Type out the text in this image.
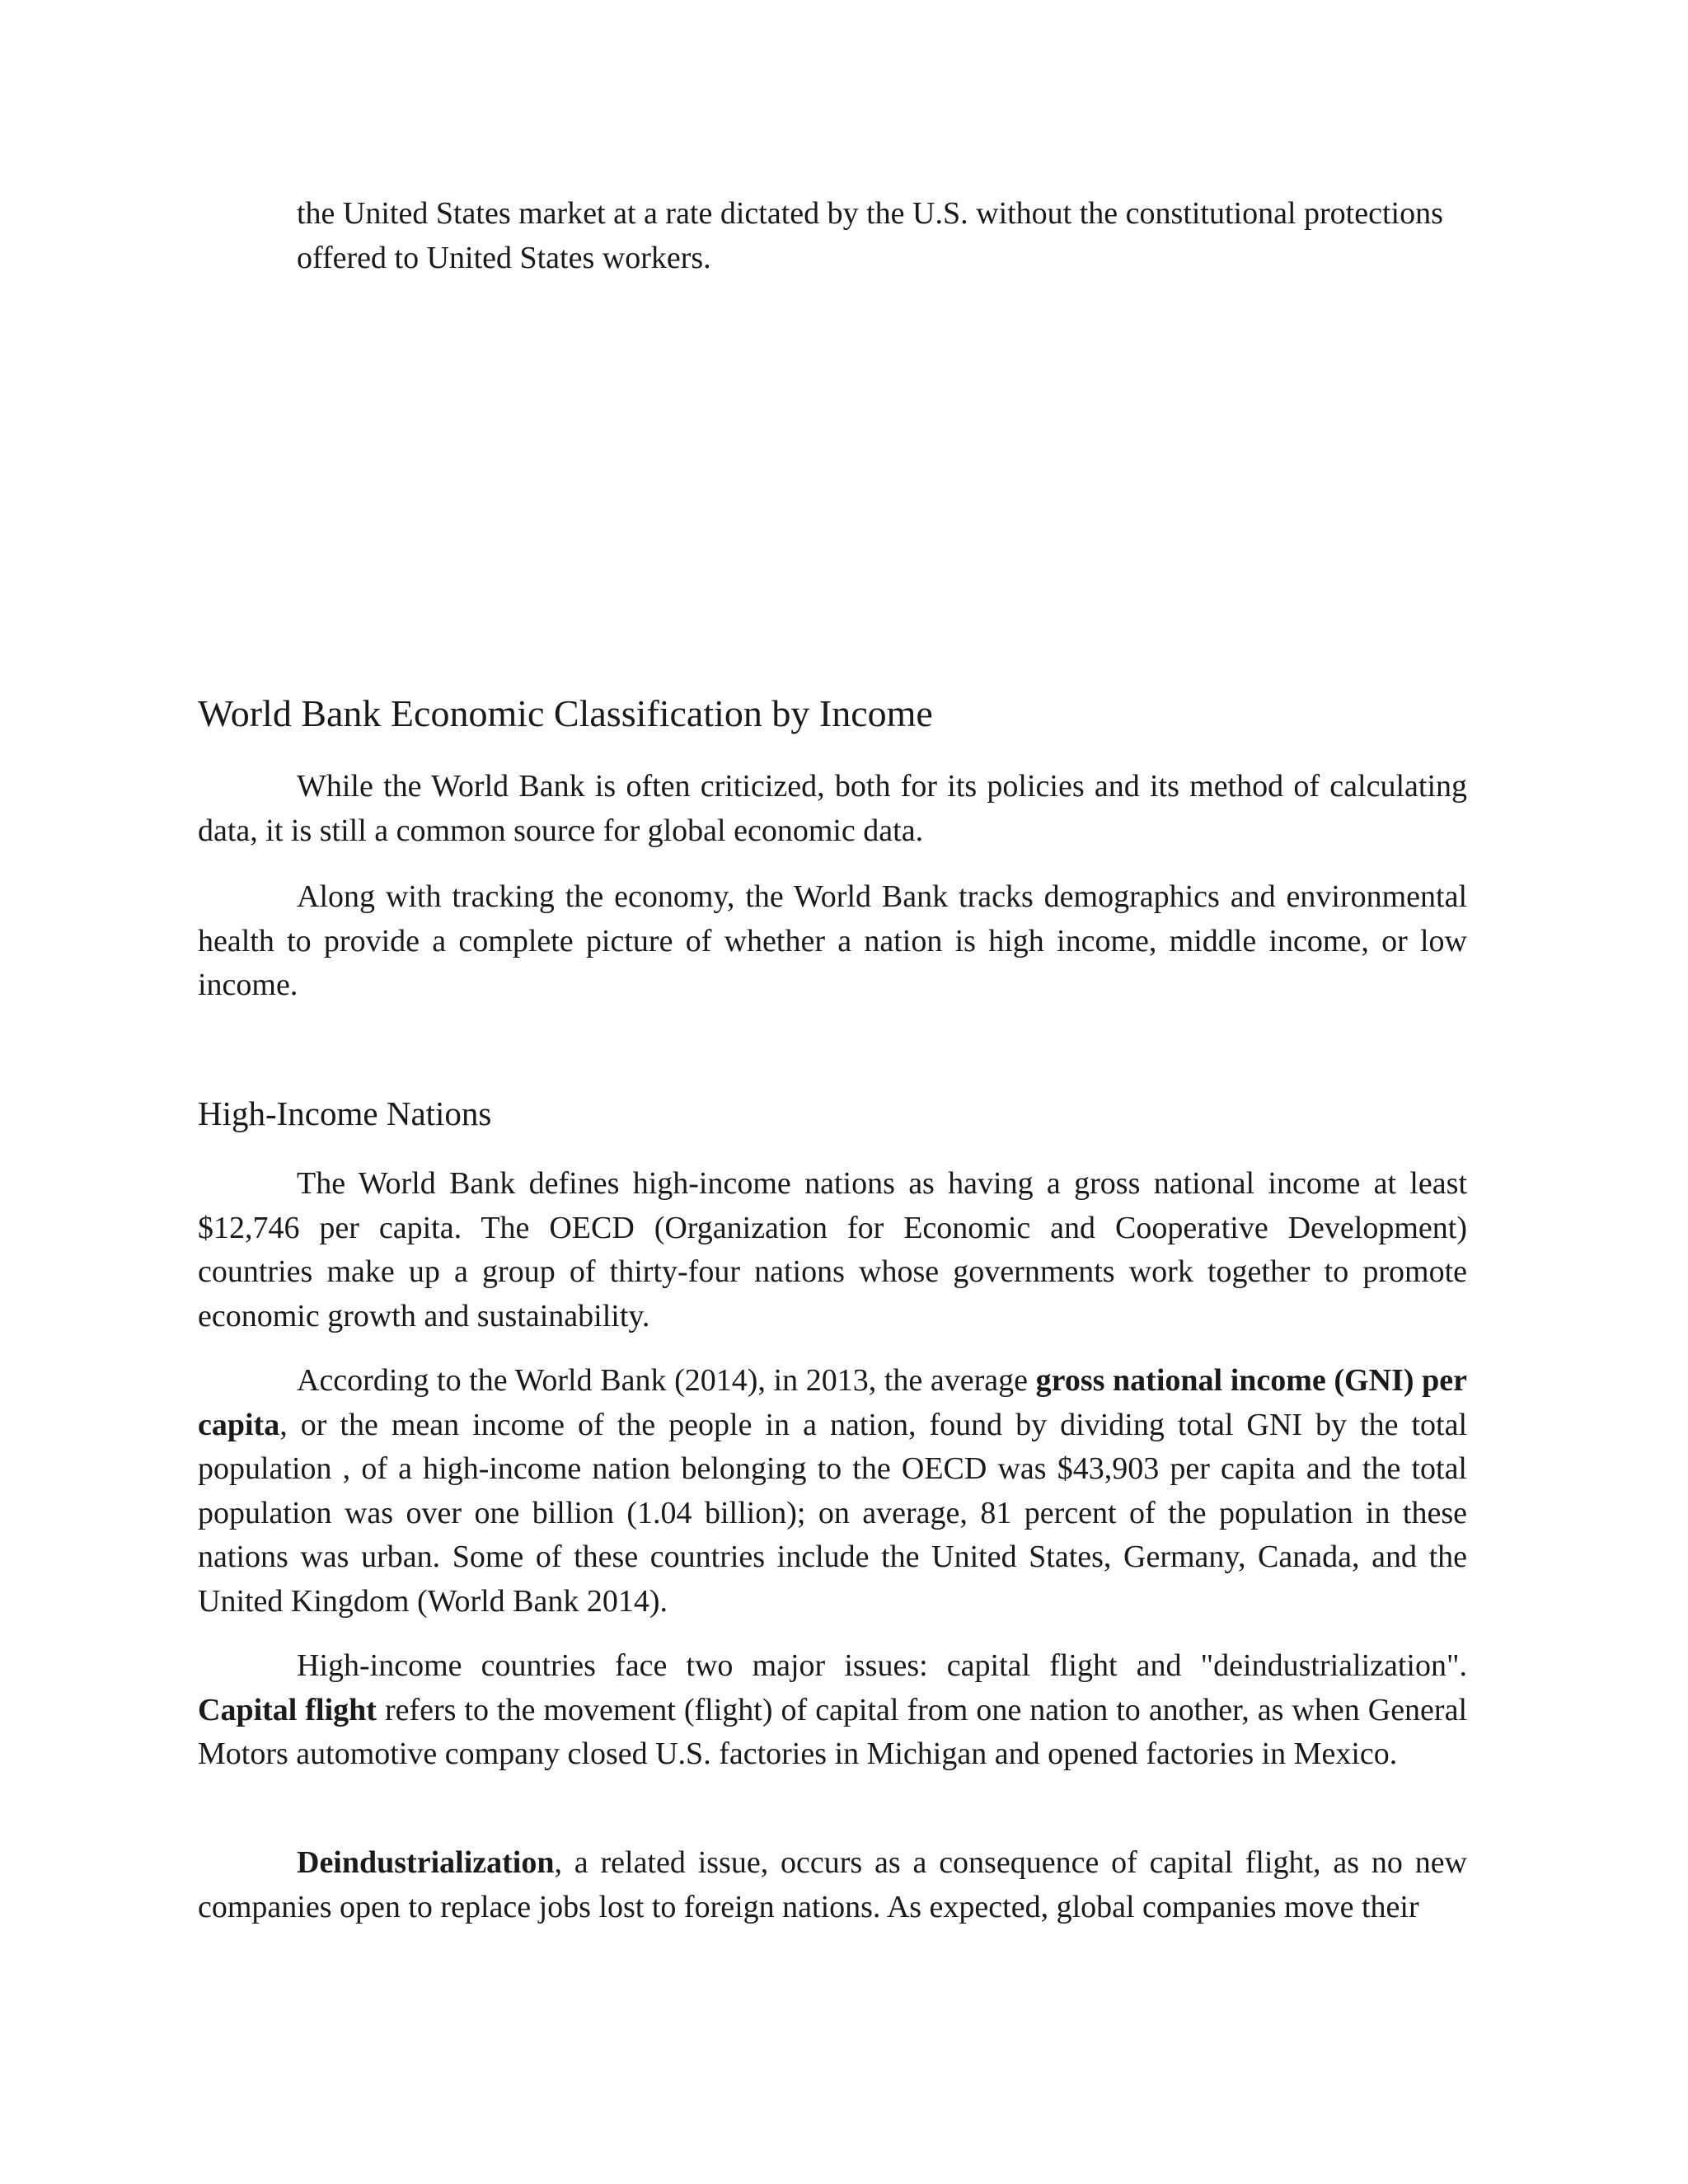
the United States market at a rate dictated by the U.S. without the constitutional protections offered to United States workers.

World Bank Economic Classification by Income

While the World Bank is often criticized, both for its policies and its method of calculating data, it is still a common source for global economic data.

Along with tracking the economy, the World Bank tracks demographics and environmental health to provide a complete picture of whether a nation is high income, middle income, or low income.

High-Income Nations

The World Bank defines high-income nations as having a gross national income at least $12,746 per capita. The OECD (Organization for Economic and Cooperative Development) countries make up a group of thirty-four nations whose governments work together to promote economic growth and sustainability.

According to the World Bank (2014), in 2013, the average gross national income (GNI) per capita, or the mean income of the people in a nation, found by dividing total GNI by the total population , of a high-income nation belonging to the OECD was $43,903 per capita and the total population was over one billion (1.04 billion); on average, 81 percent of the population in these nations was urban. Some of these countries include the United States, Germany, Canada, and the United Kingdom (World Bank 2014).

High-income countries face two major issues: capital flight and "deindustrialization". Capital flight refers to the movement (flight) of capital from one nation to another, as when General Motors automotive company closed U.S. factories in Michigan and opened factories in Mexico.

Deindustrialization, a related issue, occurs as a consequence of capital flight, as no new companies open to replace jobs lost to foreign nations. As expected, global companies move their
